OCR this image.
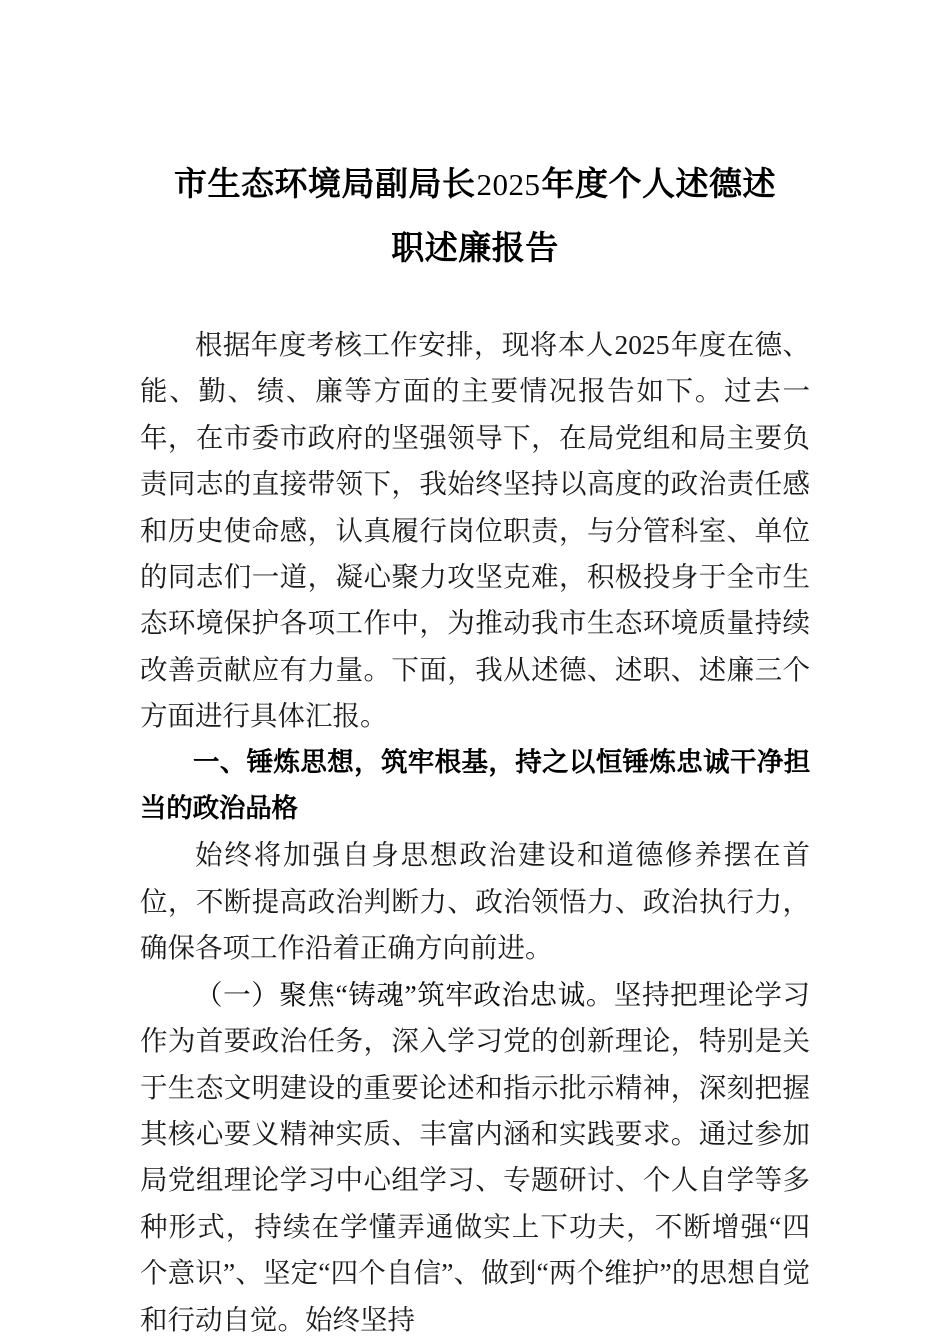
市生态环境局副局长2025年度个人述德述
职述廉报告

根据年度考核工作安排，现将本人2025年度在德、能、勤、绩、廉等方面的主要情况报告如下。过去一年，在市委市政府的坚强领导下，在局党组和局主要负责同志的直接带领下，我始终坚持以高度的政治责任感和历史使命感，认真履行岗位职责，与分管科室、单位的同志们一道，凝心聚力攻坚克难，积极投身于全市生态环境保护各项工作中，为推动我市生态环境质量持续改善贡献应有力量。下面，我从述德、述职、述廉三个方面进行具体汇报。

一、锤炼思想，筑牢根基，持之以恒锤炼忠诚干净担当的政治品格

始终将加强自身思想政治建设和道德修养摆在首位，不断提高政治判断力、政治领悟力、政治执行力，确保各项工作沿着正确方向前进。

（一）聚焦“铸魂”筑牢政治忠诚。坚持把理论学习作为首要政治任务，深入学习党的创新理论，特别是关于生态文明建设的重要论述和指示批示精神，深刻把握其核心要义精神实质、丰富内涵和实践要求。通过参加局党组理论学习中心组学习、专题研讨、个人自学等多种形式，持续在学懂弄通做实上下功夫，不断增强“四个意识”、坚定“四个自信”、做到“两个维护”的思想自觉和行动自觉。始终坚持
